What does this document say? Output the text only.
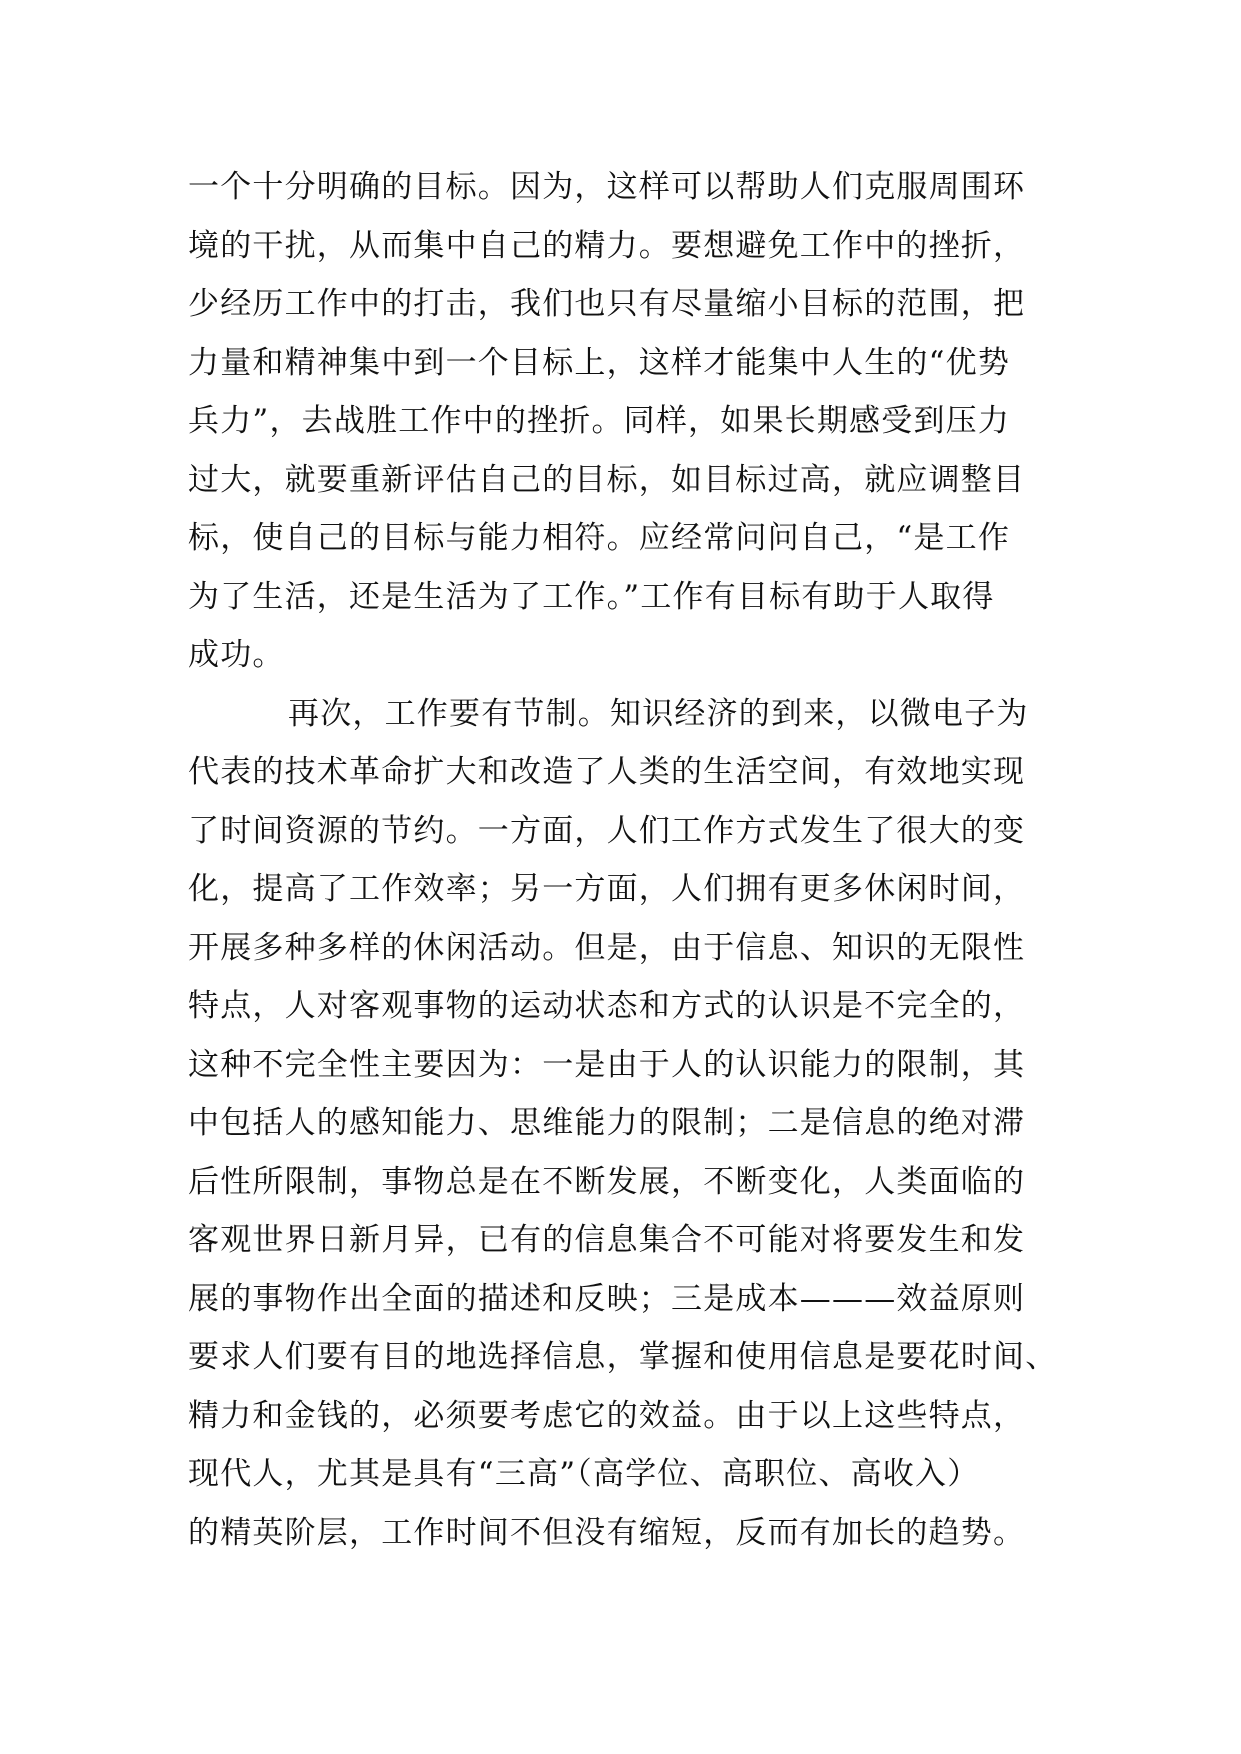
一个十分明确的目标。因为，这样可以帮助人们克服周围环
境的干扰，从而集中自己的精力。要想避免工作中的挫折，
少经历工作中的打击，我们也只有尽量缩小目标的范围，把
力量和精神集中到一个目标上，这样才能集中人生的“优势
兵力”，去战胜工作中的挫折。同样，如果长期感受到压力
过大，就要重新评估自己的目标，如目标过高，就应调整目
标，使自己的目标与能力相符。应经常问问自己，“是工作
为了生活，还是生活为了工作。”工作有目标有助于人取得
成功。
再次，工作要有节制。知识经济的到来，以微电子为
代表的技术革命扩大和改造了人类的生活空间，有效地实现
了时间资源的节约。一方面，人们工作方式发生了很大的变
化，提高了工作效率；另一方面，人们拥有更多休闲时间，
开展多种多样的休闲活动。但是，由于信息、知识的无限性
特点，人对客观事物的运动状态和方式的认识是不完全的，
这种不完全性主要因为：一是由于人的认识能力的限制，其
中包括人的感知能力、思维能力的限制；二是信息的绝对滞
后性所限制，事物总是在不断发展，不断变化，人类面临的
客观世界日新月异，已有的信息集合不可能对将要发生和发
展的事物作出全面的描述和反映；三是成本———效益原则
要求人们要有目的地选择信息，掌握和使用信息是要花时间、
精力和金钱的，必须要考虑它的效益。由于以上这些特点，
现代人，尤其是具有“三高”（高学位、高职位、高收入）
的精英阶层，工作时间不但没有缩短，反而有加长的趋势。
